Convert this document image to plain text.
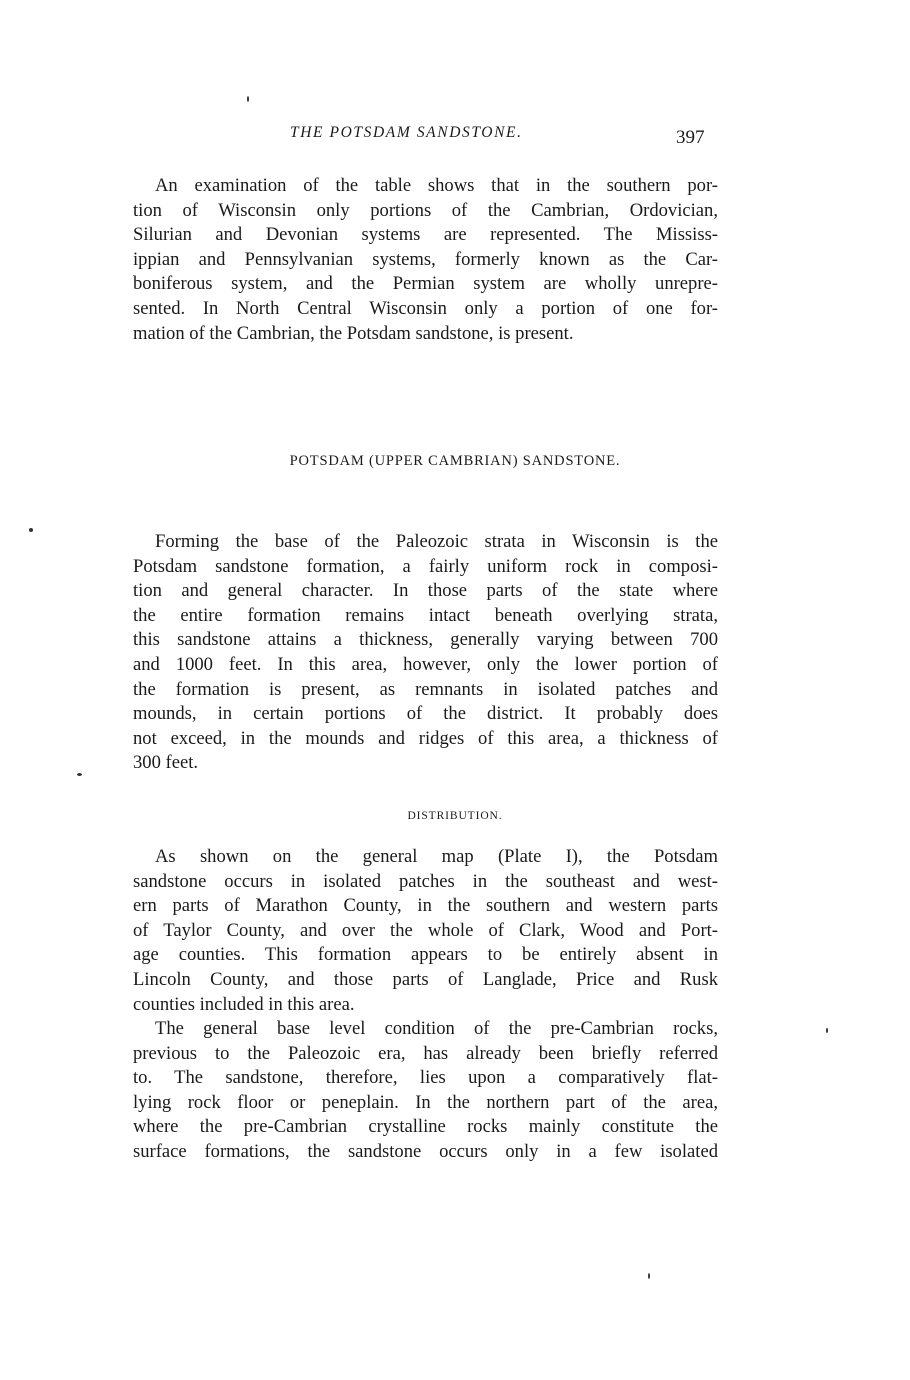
THE POTSDAM SANDSTONE.	397
An examination of the table shows that in the southern por-
tion of Wisconsin only portions of the Cambrian, Ordovician,
Silurian and Devonian systems are represented. The Mississ-
ippian and Pennsylvanian systems, formerly known as the Car-
boniferous system, and the Permian system are wholly unrepre-
sented. In North Central Wisconsin only a portion of one for-
mation of the Cambrian, the Potsdam sandstone, is present.
POTSDAM (UPPER CAMBRIAN) SANDSTONE.
Forming the base of the Paleozoic strata in Wisconsin is the
Potsdam sandstone formation, a fairly uniform rock in composi-
tion and general character. In those parts of the state where
the entire formation remains intact beneath overlying strata,
this sandstone attains a thickness, generally varying between 700
and 1000 feet. In this area, however, only the lower portion of
the formation is present, as remnants in isolated patches and
mounds, in certain portions of the district. It probably does
not exceed, in the mounds and ridges of this area, a thickness of
300 feet.
DISTRIBUTION.
As shown on the general map (Plate I), the Potsdam
sandstone occurs in isolated patches in the southeast and west-
ern parts of Marathon County, in the southern and western parts
of Taylor County, and over the whole of Clark, Wood and Port-
age counties. This formation appears to be entirely absent in
Lincoln County, and those parts of Langlade, Price and Rusk
counties included in this area.
The general base level condition of the pre-Cambrian rocks,
previous to the Paleozoic era, has already been briefly referred
to. The sandstone, therefore, lies upon a comparatively flat-
lying rock floor or peneplain. In the northern part of the area,
where the pre-Cambrian crystalline rocks mainly constitute the
surface formations, the sandstone occurs only in a few isolated
